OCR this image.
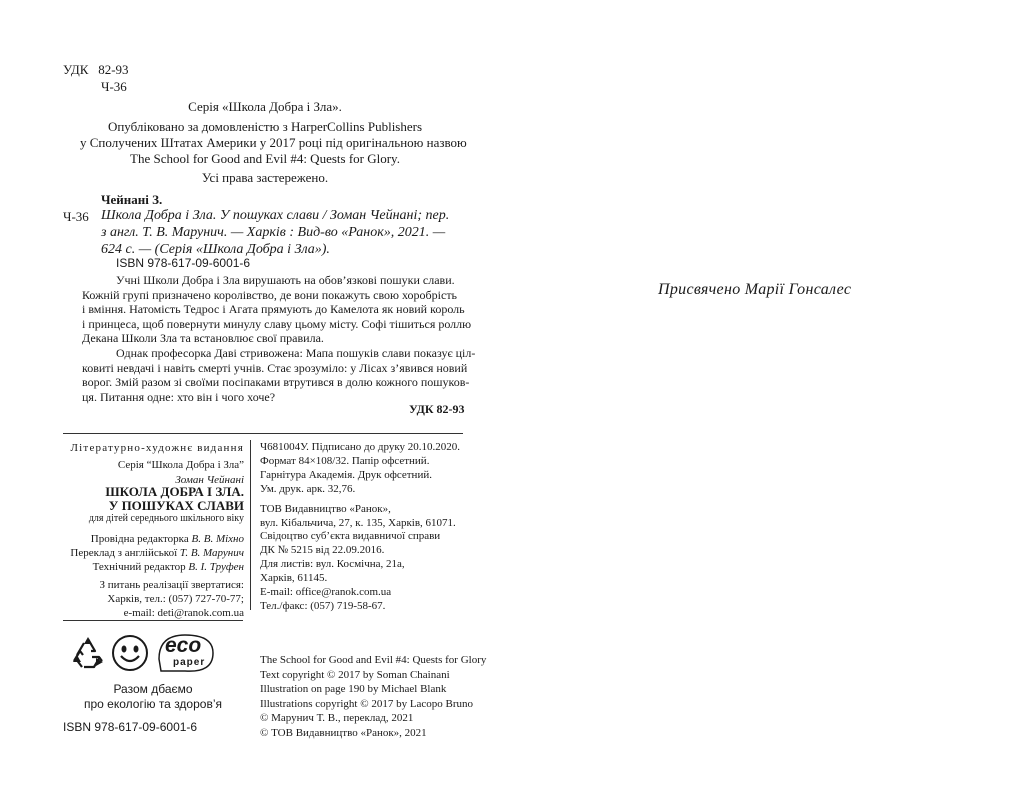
УДК 82-93
Ч-36
Серія «Школа Добра і Зла».
Опубліковано за домовленістю з HarperCollins Publishers
у Сполучених Штатах Америки у 2017 році під оригінальною назвою
The School for Good and Evil #4: Quests for Glory.
Усі права застережено.
Чейнані З.
Ч-36 Школа Добра і Зла. У пошуках слави / Зоман Чейнані; пер.
з англ. Т. В. Марунич. — Харків : Вид-во «Ранок», 2021. —
624 с. — (Серія «Школа Добра і Зла»).
ISBN 978-617-09-6001-6
Учні Школи Добра і Зла вирушають на обов’язкові пошуки слави.
Кожній групі призначено королівство, де вони покажуть свою хоробрість
і вміння. Натомість Тедрос і Агата прямують до Камелота як новий король
і принцеса, щоб повернути минулу славу цьому місту. Софі тішиться роллю
Декана Школи Зла та встановлює свої правила.
Однак професорка Даві стривожена: Мапа пошуків слави показує цiл-
ковиті невдачі і навіть смерті учнів. Стає зрозуміло: у Лісах з’явився новий
ворог. Змій разом зі своїми посіпаками втрутився в долю кожного пошуков-
ця. Питання одне: хто він і чого хоче?
УДК 82-93
Літературно-художнє видання
Серія “Школа Добра і Зла”
Зоман Чейнані
ШКОЛА ДОБРА І ЗЛА.
У ПОШУКАХ СЛАВИ
для дітей середнього шкільного віку
Провідна редакторка В. В. Міхно
Переклад з англійської Т. В. Марунич
Технічний редактор В. І. Труфен
З питань реалізації звертатися:
Харків, тел.: (057) 727-70-77;
e-mail: deti@ranok.com.ua
Ч681004У. Підписано до друку 20.10.2020.
Формат 84×108/32. Папір офсетний.
Гарнітура Академія. Друк офсетний.
Ум. друк. арк. 32,76.
ТОВ Видавництво «Ранок»,
вул. Кібальчича, 27, к. 135, Харків, 61071.
Свідоцтво суб’єкта видавничої справи
ДК № 5215 від 22.09.2016.
Для листів: вул. Космічна, 21а,
Харків, 61145.
E-mail: office@ranok.com.ua
Тел./факс: (057) 719-58-67.
eco
paper
Разом дбаємо
про екологію та здоров’я
ISBN 978-617-09-6001-6
The School for Good and Evil #4: Quests for Glory
Text copyright © 2017 by Soman Chainani
Illustration on page 190 by Michael Blank
Illustrations copyright © 2017 by Lacopo Bruno
© Марунич Т. В., переклад, 2021
© ТОВ Видавництво «Ранок», 2021
Присвячено Марії Гонсалес
